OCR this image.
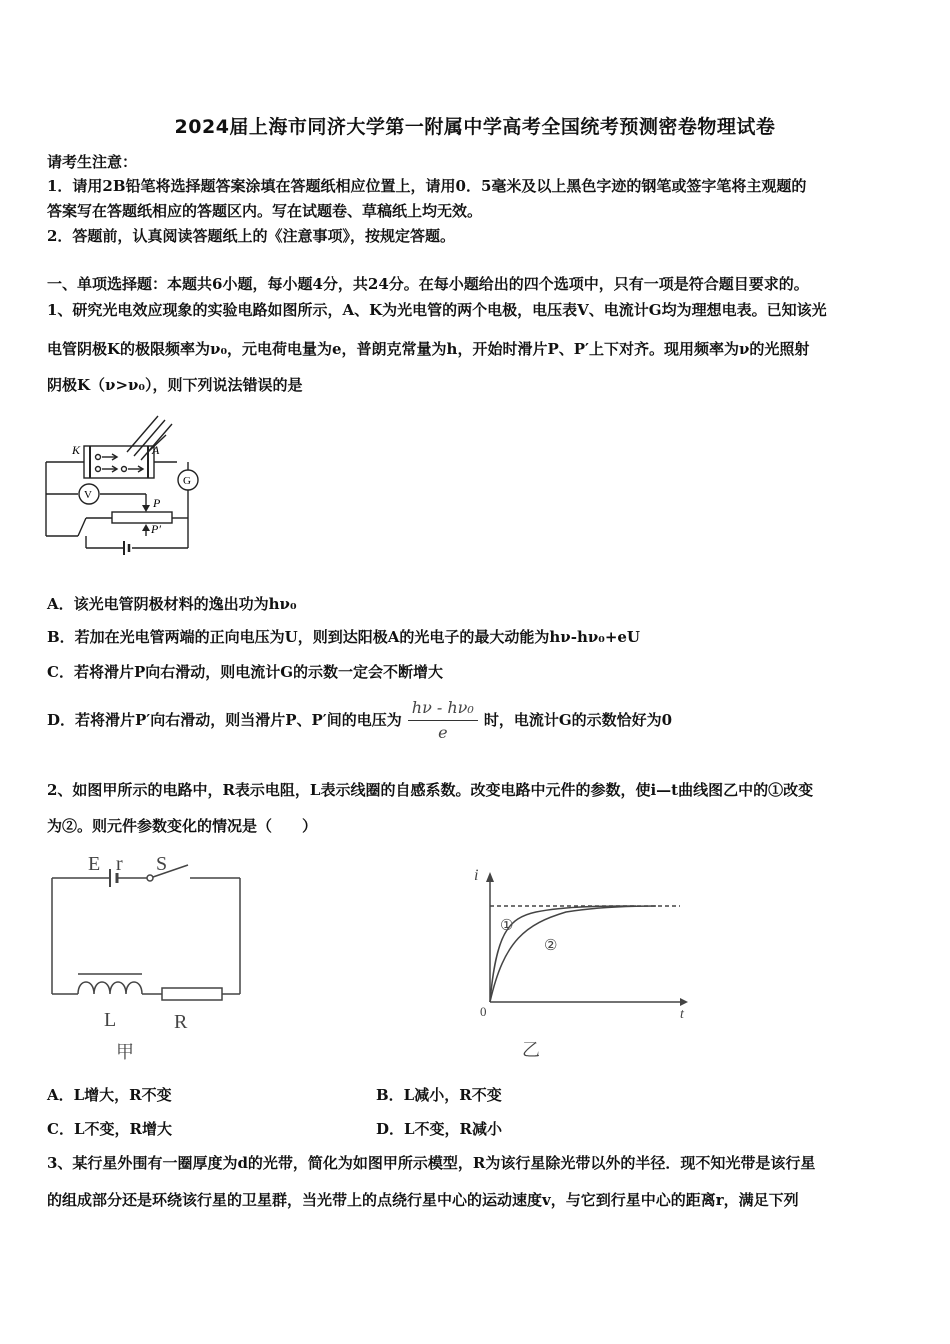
2024届上海市同济大学第一附属中学高考全国统考预测密卷物理试卷
请考生注意：
1．请用2B铅笔将选择题答案涂填在答题纸相应位置上，请用0．5毫米及以上黑色字迹的钢笔或签字笔将主观题的
答案写在答题纸相应的答题区内。写在试题卷、草稿纸上均无效。
2．答题前，认真阅读答题纸上的《注意事项》，按规定答题。
一、单项选择题：本题共6小题，每小题4分，共24分。在每小题给出的四个选项中，只有一项是符合题目要求的。
1、研究光电效应现象的实验电路如图所示，A、K为光电管的两个电极，电压表V、电流计G均为理想电表。已知该光
电管阴极K的极限频率为ν₀，元电荷电量为e，普朗克常量为h，开始时滑片P、P′上下对齐。现用频率为ν的光照射
阴极K（ν>ν₀），则下列说法错误的是
K	A
G
V
P
P′
A．该光电管阴极材料的逸出功为hν₀
B．若加在光电管两端的正向电压为U，则到达阳极A的光电子的最大动能为hν-hν₀+eU
C．若将滑片P向右滑动，则电流计G的示数一定会不断增大
D．若将滑片P′向右滑动，则当滑片P、P′间的电压为 $\frac{\text{hν - hν₀}}{e}$ 时，电流计G的示数恰好为0
2、如图甲所示的电路中，R表示电阻，L表示线圈的自感系数。改变电路中元件的参数，使i—t曲线图乙中的①改变
为②。则元件参数变化的情况是（　　）
E r S
L	R
甲
i
t
0
①
②
乙
A．L增大，R不变	B．L减小，R不变
C．L不变，R增大	D．L不变，R减小
3、某行星外围有一圈厚度为d的光带，简化为如图甲所示模型，R为该行星除光带以外的半径．现不知光带是该行星
的组成部分还是环绕该行星的卫星群，当光带上的点绕行星中心的运动速度v，与它到行星中心的距离r，满足下列
